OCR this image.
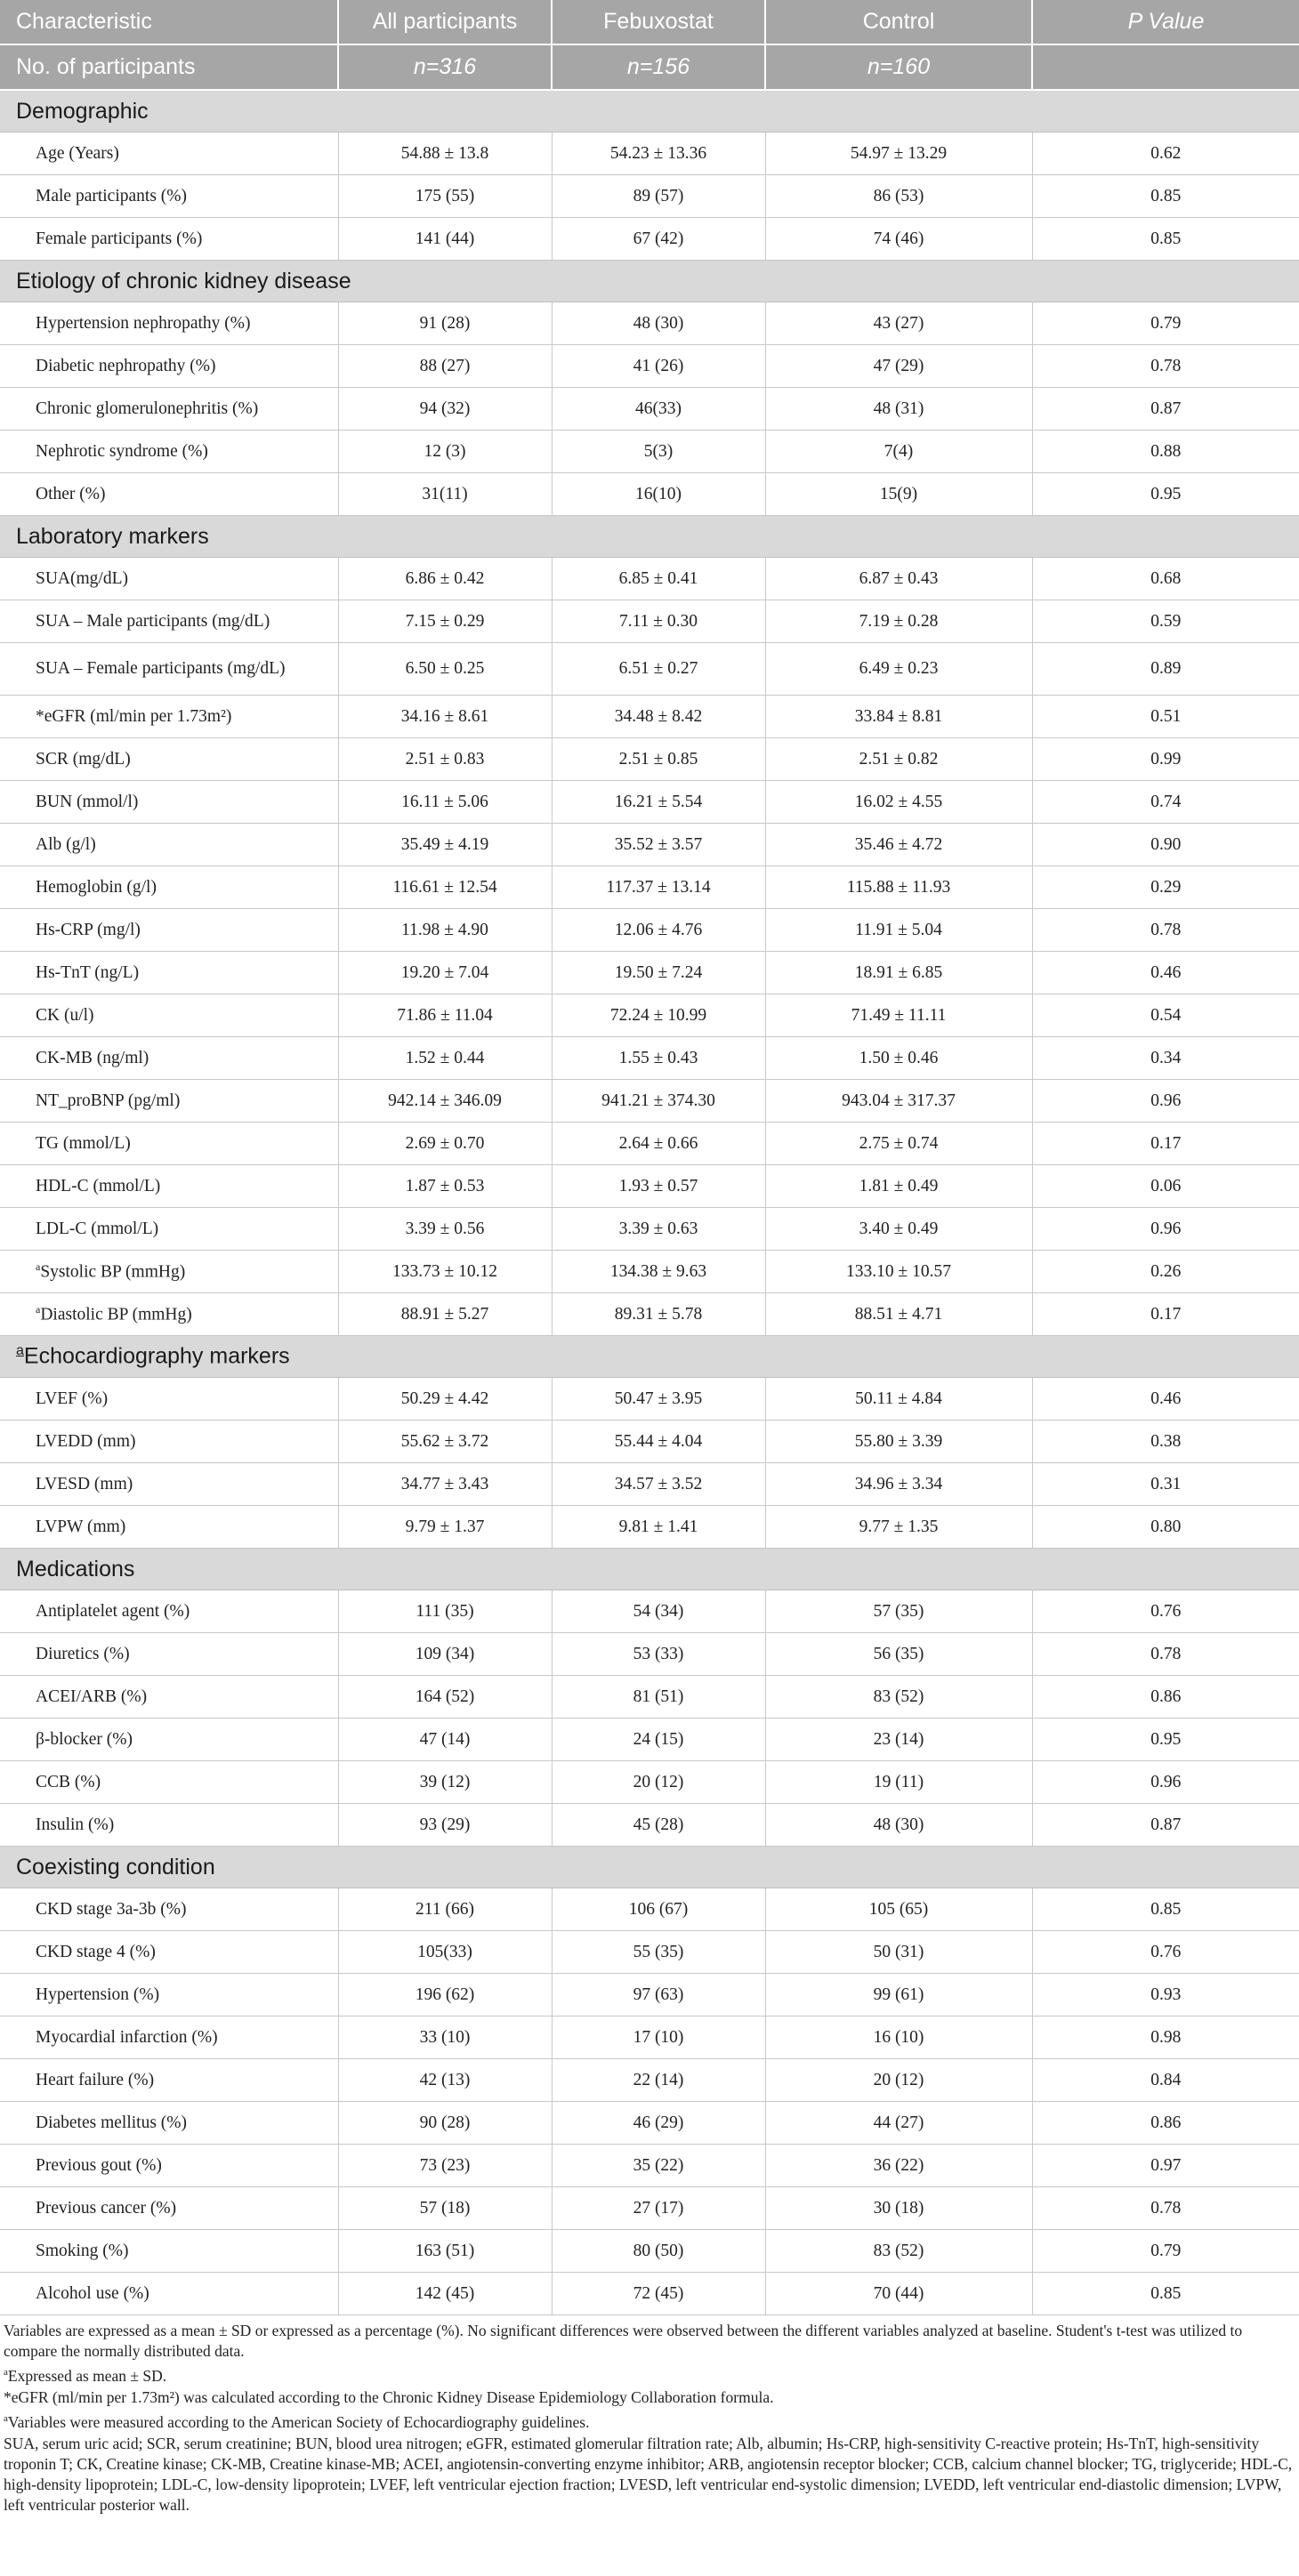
Characteristic	All participants	Febuxostat	Control	P Value
No. of participants	n=316	n=156	n=160	
Demographic				
Age (Years)	54.88 ± 13.8	54.23 ± 13.36	54.97 ± 13.29	0.62
Male participants (%)	175 (55)	89 (57)	86 (53)	0.85
Female participants (%)	141 (44)	67 (42)	74 (46)	0.85
Etiology of chronic kidney disease				
Hypertension nephropathy (%)	91 (28)	48 (30)	43 (27)	0.79
Diabetic nephropathy (%)	88 (27)	41 (26)	47 (29)	0.78
Chronic glomerulonephritis (%)	94 (32)	46(33)	48 (31)	0.87
Nephrotic syndrome (%)	12 (3)	5(3)	7(4)	0.88
Other (%)	31(11)	16(10)	15(9)	0.95
Laboratory markers				
SUA(mg/dL)	6.86 ± 0.42	6.85 ± 0.41	6.87 ± 0.43	0.68
SUA – Male participants (mg/dL)	7.15 ± 0.29	7.11 ± 0.30	7.19 ± 0.28	0.59
SUA – Female participants (mg/dL)	6.50 ± 0.25	6.51 ± 0.27	6.49 ± 0.23	0.89
*eGFR (ml/min per 1.73m²)	34.16 ± 8.61	34.48 ± 8.42	33.84 ± 8.81	0.51
SCR (mg/dL)	2.51 ± 0.83	2.51 ± 0.85	2.51 ± 0.82	0.99
BUN (mmol/l)	16.11 ± 5.06	16.21 ± 5.54	16.02 ± 4.55	0.74
Alb (g/l)	35.49 ± 4.19	35.52 ± 3.57	35.46 ± 4.72	0.90
Hemoglobin (g/l)	116.61 ± 12.54	117.37 ± 13.14	115.88 ± 11.93	0.29
Hs-CRP (mg/l)	11.98 ± 4.90	12.06 ± 4.76	11.91 ± 5.04	0.78
Hs-TnT (ng/L)	19.20 ± 7.04	19.50 ± 7.24	18.91 ± 6.85	0.46
CK (u/l)	71.86 ± 11.04	72.24 ± 10.99	71.49 ± 11.11	0.54
CK-MB (ng/ml)	1.52 ± 0.44	1.55 ± 0.43	1.50 ± 0.46	0.34
NT_proBNP (pg/ml)	942.14 ± 346.09	941.21 ± 374.30	943.04 ± 317.37	0.96
TG (mmol/L)	2.69 ± 0.70	2.64 ± 0.66	2.75 ± 0.74	0.17
HDL-C (mmol/L)	1.87 ± 0.53	1.93 ± 0.57	1.81 ± 0.49	0.06
LDL-C (mmol/L)	3.39 ± 0.56	3.39 ± 0.63	3.40 ± 0.49	0.96
$^a$Systolic BP (mmHg)	133.73 ± 10.12	134.38 ± 9.63	133.10 ± 10.57	0.26
$^a$Diastolic BP (mmHg)	88.91 ± 5.27	89.31 ± 5.78	88.51 ± 4.71	0.17
$^a$Echocardiography markers				
LVEF (%)	50.29 ± 4.42	50.47 ± 3.95	50.11 ± 4.84	0.46
LVEDD (mm)	55.62 ± 3.72	55.44 ± 4.04	55.80 ± 3.39	0.38
LVESD (mm)	34.77 ± 3.43	34.57 ± 3.52	34.96 ± 3.34	0.31
LVPW (mm)	9.79 ± 1.37	9.81 ± 1.41	9.77 ± 1.35	0.80
Medications				
Antiplatelet agent (%)	111 (35)	54 (34)	57 (35)	0.76
Diuretics (%)	109 (34)	53 (33)	56 (35)	0.78
ACEI/ARB (%)	164 (52)	81 (51)	83 (52)	0.86
β-blocker (%)	47 (14)	24 (15)	23 (14)	0.95
CCB (%)	39 (12)	20 (12)	19 (11)	0.96
Insulin (%)	93 (29)	45 (28)	48 (30)	0.87
Coexisting condition				
CKD stage 3a-3b (%)	211 (66)	106 (67)	105 (65)	0.85
CKD stage 4 (%)	105(33)	55 (35)	50 (31)	0.76
Hypertension (%)	196 (62)	97 (63)	99 (61)	0.93
Myocardial infarction (%)	33 (10)	17 (10)	16 (10)	0.98
Heart failure (%)	42 (13)	22 (14)	20 (12)	0.84
Diabetes mellitus (%)	90 (28)	46 (29)	44 (27)	0.86
Previous gout (%)	73 (23)	35 (22)	36 (22)	0.97
Previous cancer (%)	57 (18)	27 (17)	30 (18)	0.78
Smoking (%)	163 (51)	80 (50)	83 (52)	0.79
Alcohol use (%)	142 (45)	72 (45)	70 (44)	0.85

Variables are expressed as a mean ± SD or expressed as a percentage (%). No significant differences were observed between the different variables analyzed at baseline. Student's t-test was utilized to compare the normally distributed data.

$^a$Expressed as mean ± SD.

*eGFR (ml/min per 1.73m²) was calculated according to the Chronic Kidney Disease Epidemiology Collaboration formula.

$^a$Variables were measured according to the American Society of Echocardiography guidelines.

SUA, serum uric acid; SCR, serum creatinine; BUN, blood urea nitrogen; eGFR, estimated glomerular filtration rate; Alb, albumin; Hs-CRP, high-sensitivity C-reactive protein; Hs-TnT, high-sensitivity troponin T; CK, Creatine kinase; CK-MB, Creatine kinase-MB; ACEI, angiotensin-converting enzyme inhibitor; ARB, angiotensin receptor blocker; CCB, calcium channel blocker; TG, triglyceride; HDL-C, high-density lipoprotein; LDL-C, low-density lipoprotein; LVEF, left ventricular ejection fraction; LVESD, left ventricular end-systolic dimension; LVEDD, left ventricular end-diastolic dimension; LVPW, left ventricular posterior wall.
